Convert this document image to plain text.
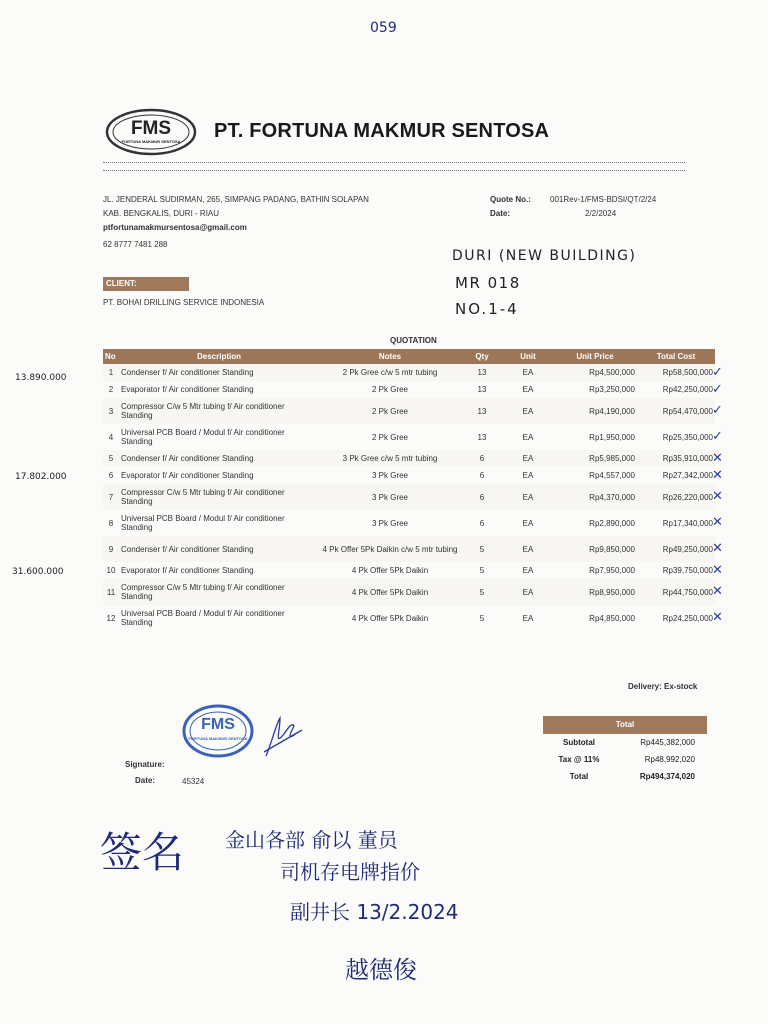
059
FMS
FORTUNA MAKMUR SENTOSA	PT. FORTUNA MAKMUR SENTOSA
JL. JENDERAL SUDIRMAN, 265, SIMPANG PADANG, BATHIN SOLAPAN
KAB. BENGKALIS, DURI - RIAU
ptfortunamakmursentosa@gmail.com
62 8777 7481 288
Quote No.: 001Rev-1/FMS-BDSI/QT/2/24
Date:	2/2/2024
DURI (NEW BUILDING)
MR 018
NO.1-4
CLIENT:
PT. BOHAI DRILLING SERVICE INDONESIA
QUOTATION
13.890.000
17.802.000
31.600.000
No	Description	Notes	Qty	Unit	Unit Price	Total Cost
1	Condenser f/ Air conditioner Standing	2 Pk Gree c/w 5 mtr tubing	13	EA	Rp4,500,000	Rp58,500,000
2	Evaporator f/ Air conditioner Standing	2 Pk Gree	13	EA	Rp3,250,000	Rp42,250,000
3	Compressor C/w 5 Mtr tubing f/ Air conditioner Standing	2 Pk Gree	13	EA	Rp4,190,000	Rp54,470,000
4	Universal PCB Board / Modul f/ Air conditioner Standing	2 Pk Gree	13	EA	Rp1,950,000	Rp25,350,000
5	Condenser f/ Air conditioner Standing	3 Pk Gree c/w 5 mtr tubing	6	EA	Rp5,985,000	Rp35,910,000
6	Evaporator f/ Air conditioner Standing	3 Pk Gree	6	EA	Rp4,557,000	Rp27,342,000
7	Compressor C/w 5 Mtr tubing f/ Air conditioner Standing	3 Pk Gree	6	EA	Rp4,370,000	Rp26,220,000
8	Universal PCB Board / Modul f/ Air conditioner Standing	3 Pk Gree	6	EA	Rp2,890,000	Rp17,340,000
9	Condenser f/ Air conditioner Standing	4 Pk Offer 5Pk Daikin c/w 5 mtr tubing	5	EA	Rp9,850,000	Rp49,250,000
10	Evaporator f/ Air conditioner Standing	4 Pk Offer 5Pk Daikin	5	EA	Rp7,950,000	Rp39,750,000
11	Compressor C/w 5 Mtr tubing f/ Air conditioner Standing	4 Pk Offer 5Pk Daikin	5	EA	Rp8,950,000	Rp44,750,000
12	Universal PCB Board / Modul f/ Air conditioner Standing	4 Pk Offer 5Pk Daikin	5	EA	Rp4,850,000	Rp24,250,000
✓
✓
✓
✓
✕
✕
✕
✕
✕
✕
✕
✕
Delivery: Ex-stock
FMS
FORTUNA MAKMUR SENTOSA
Signature:
Date:	45324
Total
Subtotal	Rp445,382,000
Tax @ 11%	Rp48,992,020
Total	Rp494,374,020
签名 金山各部 俞以 董员
司机存电牌指价
副井长 13/2.2024
越德俊
